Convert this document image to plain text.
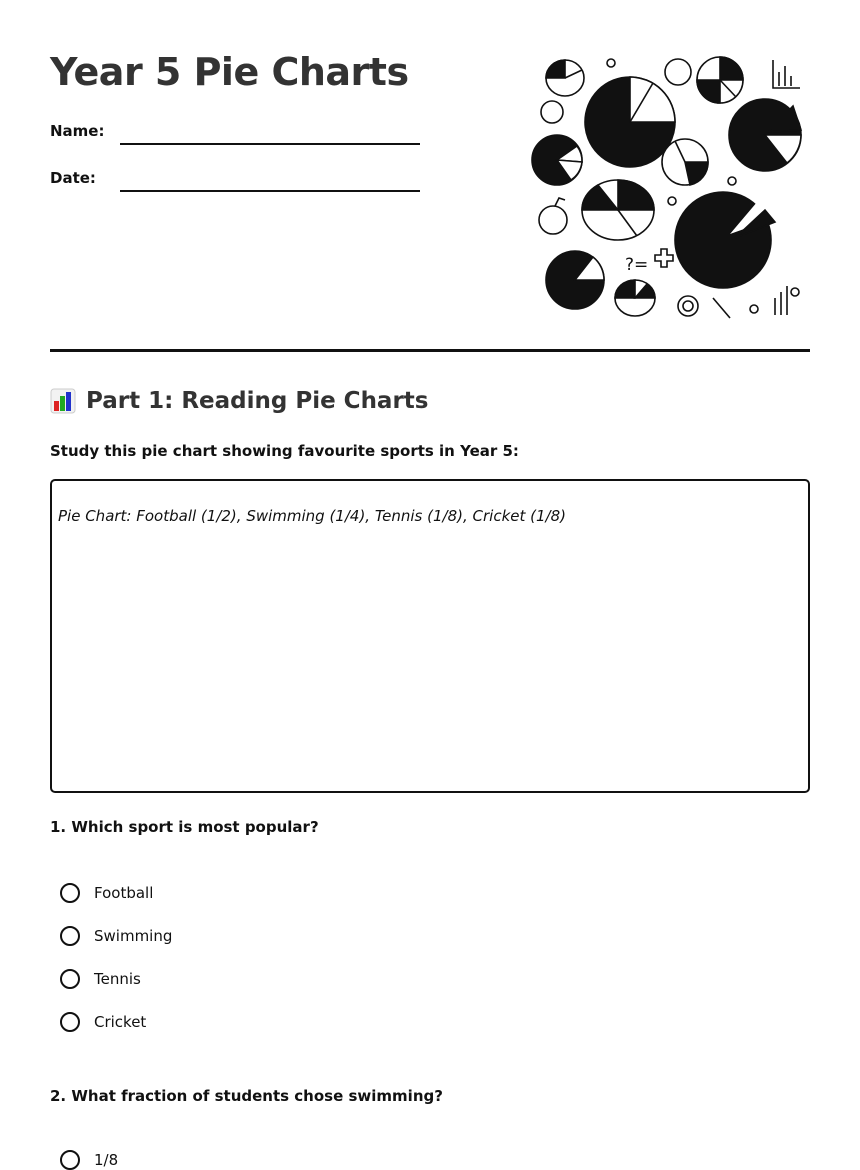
Year 5 Pie Charts
Name:
Date:
?=
Part 1: Reading Pie Charts

Study this pie chart showing favourite sports in Year 5:

Pie Chart: Football (1/2), Swimming (1/4), Tennis (1/8), Cricket (1/8)

1. Which sport is most popular?

Football
Swimming
Tennis
Cricket

2. What fraction of students chose swimming?

1/8
